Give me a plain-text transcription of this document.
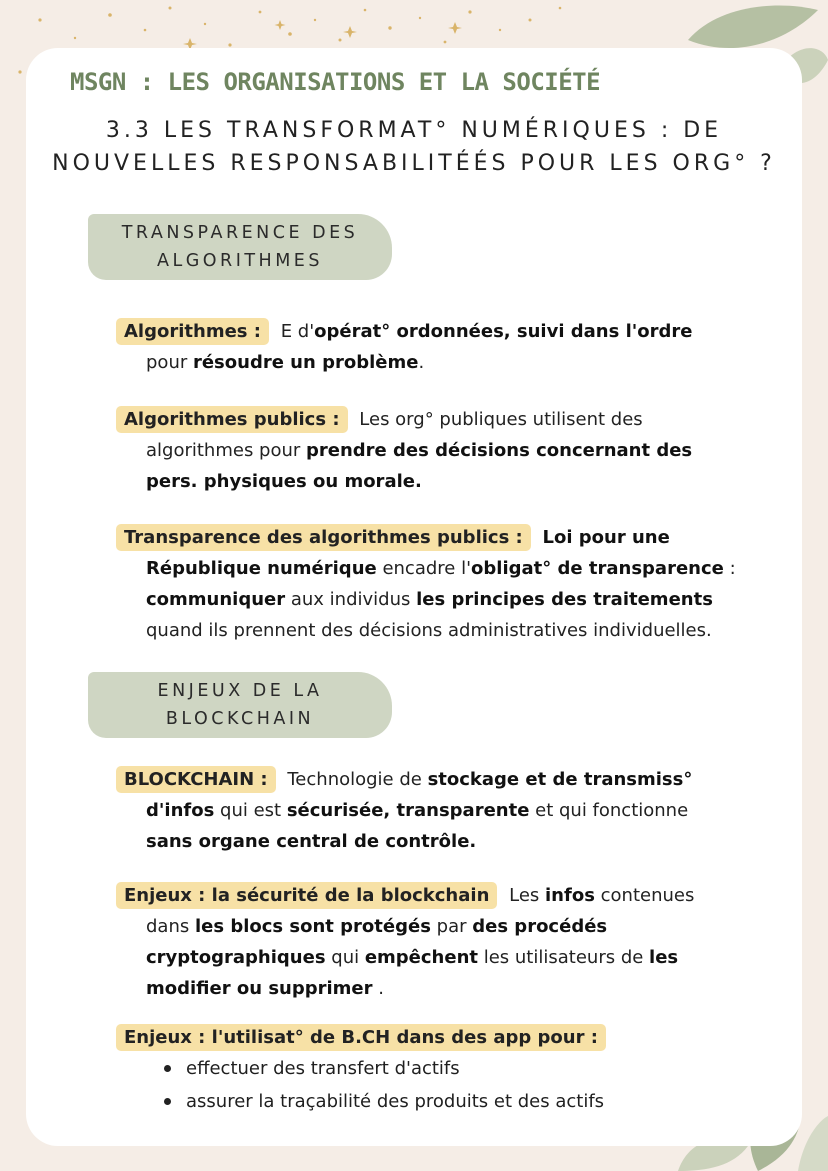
MSGN : LES ORGANISATIONS ET LA SOCIÉTÉ
3.3 LES TRANSFORMAT° NUMÉRIQUES : DE
NOUVELLES RESPONSABILITÉÉS POUR LES ORG° ?
TRANSPARENCE DES
ALGORITHMES
Algorithmes : E d'opérat° ordonnées, suivi dans l'ordre
pour résoudre un problème.
Algorithmes publics : Les org° publiques utilisent des
algorithmes pour prendre des décisions concernant des
pers. physiques ou morale.
Transparence des algorithmes publics : Loi pour une
République numérique encadre l'obligat° de transparence :
communiquer aux individus les principes des traitements
quand ils prennent des décisions administratives individuelles.
ENJEUX DE LA
BLOCKCHAIN
BLOCKCHAIN : Technologie de stockage et de transmiss°
d'infos qui est sécurisée, transparente et qui fonctionne
sans organe central de contrôle.
Enjeux : la sécurité de la blockchain Les infos contenues
dans les blocs sont protégés par des procédés
cryptographiques qui empêchent les utilisateurs de les
modifier ou supprimer .
Enjeux : l'utilisat° de B.CH dans des app pour :
effectuer des transfert d'actifs
assurer la traçabilité des produits et des actifs
